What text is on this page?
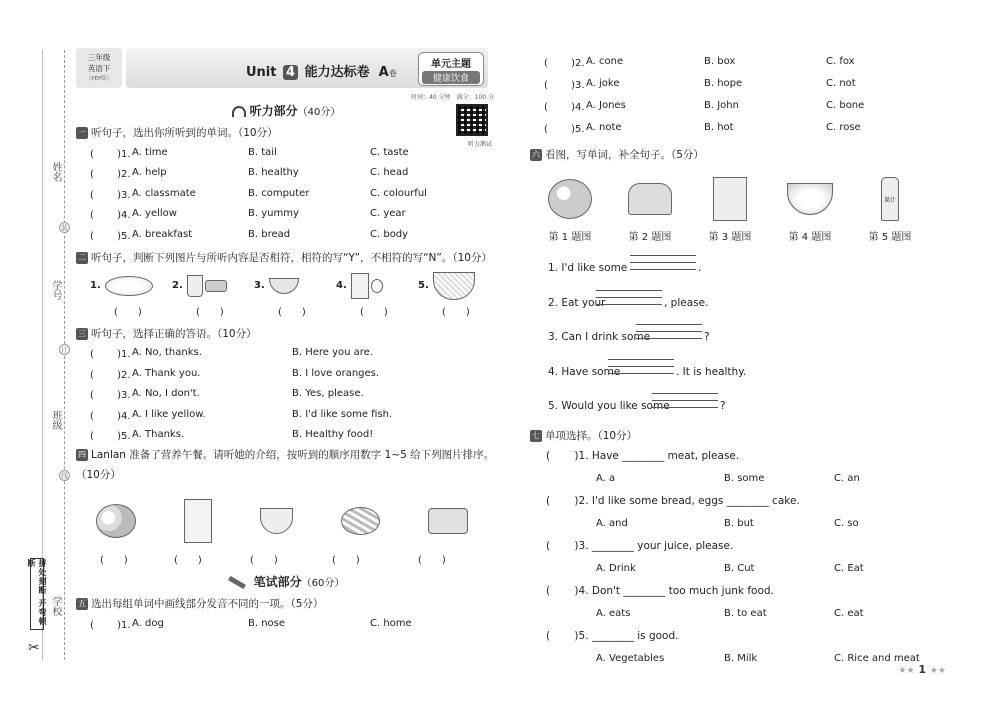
姓名
装
学号
订
班级
线
学校
拼处刻断 开弯顿断
✂
三年级
英语下
（PEP版）	Unit 4 能力达标卷 A卷
单元主题
健康饮食
时间：40 分钟　满分：100 分
听力测试
听力部分（40分）
一 听句子，选出你所听到的单词。（10分）
( 　　)1. A. time	B. tail	C. taste
( 　　)2. A. help	B. healthy	C. head
( 　　)3. A. classmate	B. computer	C. colourful
( 　　)4. A. yellow	B. yummy	C. year
( 　　)5. A. breakfast	B. bread	C. body
二 听句子，判断下列图片与所听内容是否相符，相符的写“Y”，不相符的写“N”。（10分）
1.	2.	3.	4.	5.
(　　)	(　　)	(　　)	(　　)	(　　)
三 听句子，选择正确的答语。（10分）
( 　　)1. A. No, thanks.	B. Here you are.
( 　　)2. A. Thank you.	B. I love oranges.
( 　　)3. A. No, I don't.	B. Yes, please.
( 　　)4. A. I like yellow.	B. I'd like some fish.
( 　　)5. A. Thanks.	B. Healthy food!
四 Lanlan 准备了营养午餐。请听她的介绍，按听到的顺序用数字 1~5 给下列图片排序。（10分）
(　　)	(　　)	(　　)	(　　)	(　　)
笔试部分（60分）
五 选出每组单词中画线部分发音不同的一项。（5分）
( 　　)1. A. dog	B. nose	C. home
( 　　)2. A. cone	B. box	C. fox
( 　　)3. A. joke	B. hope	C. not
( 　　)4. A. Jones	B. John	C. bone
( 　　)5. A. note	B. hot	C. rose
六 看图，写单词，补全句子。（5分）
果汁
第 1 题图	第 2 题图	第 3 题图	第 4 题图	第 5 题图
1. I'd like some	.
2. Eat your	, please.
3. Can I drink some	?
4. Have some	. It is healthy.
5. Would you like some	?
七 单项选择。（10分）
( 　　)1. Have ________ meat, please.
A. a	B. some	C. an
( 　　)2. I'd like some bread, eggs ________ cake.
A. and	B. but	C. so
( 　　)3. ________ your juice, please.
A. Drink	B. Cut	C. Eat
( 　　)4. Don't ________ too much junk food.
A. eats	B. to eat	C. eat
( 　　)5. ________ is good.
A. Vegetables	B. Milk	C. Rice and meat
★★ 1 ★★
